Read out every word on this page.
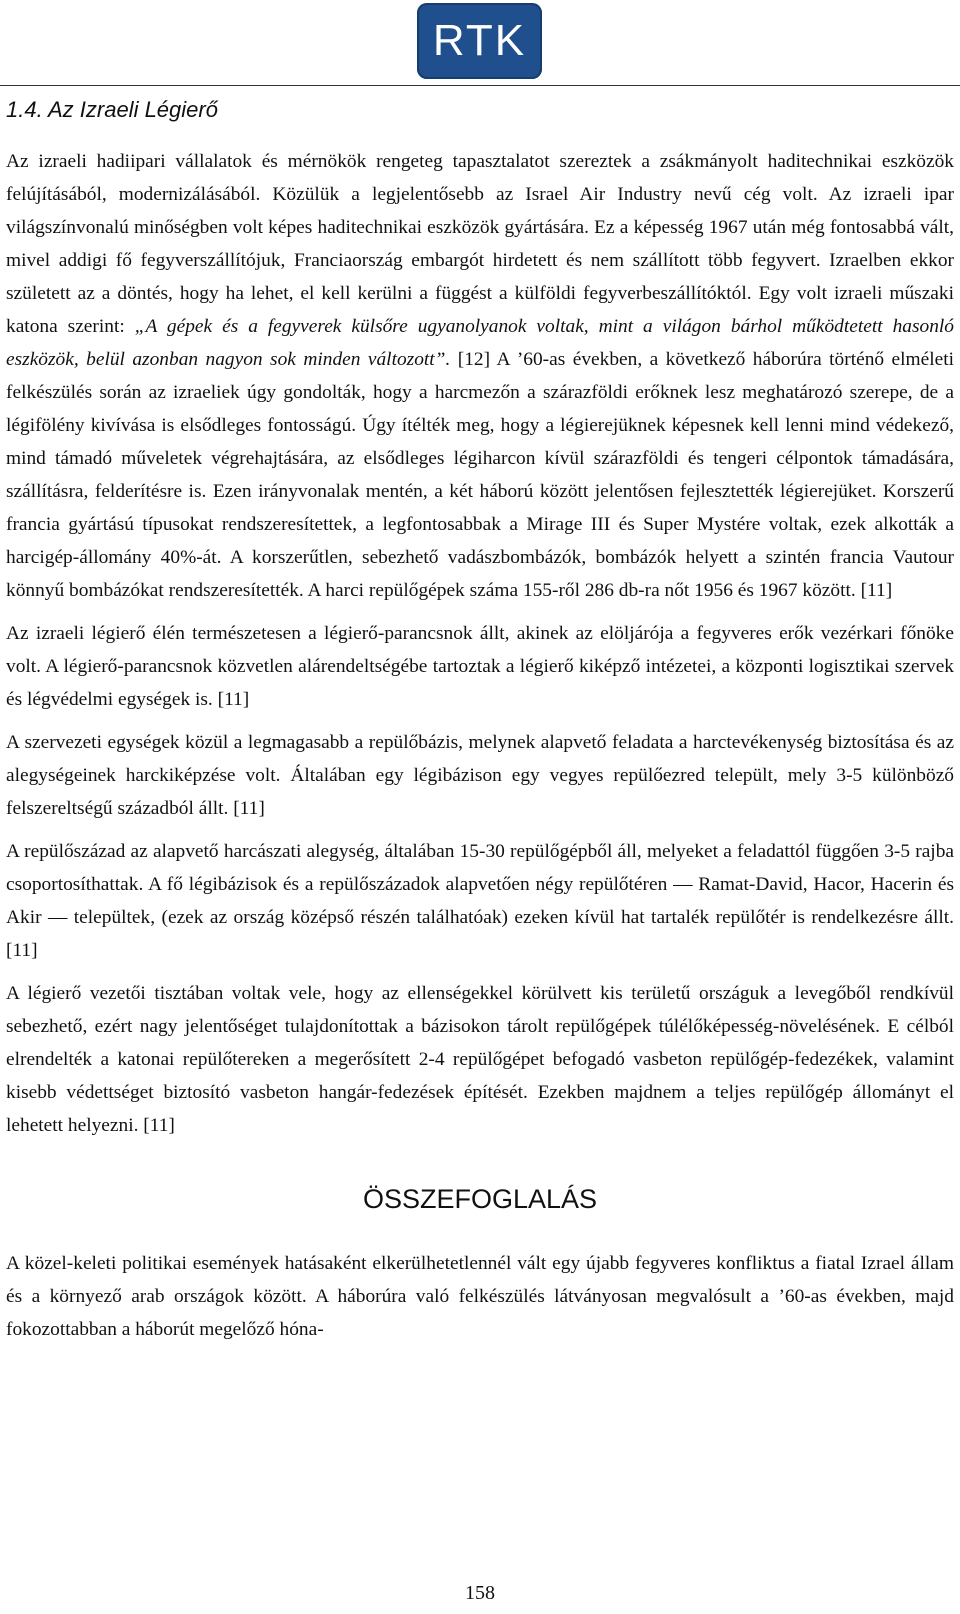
RTK
1.4. Az Izraeli Légierő

Az izraeli hadiipari vállalatok és mérnökök rengeteg tapasztalatot szereztek a zsákmányolt haditechnikai eszközök felújításából, modernizálásából. Közülük a legjelentősebb az Israel Air Industry nevű cég volt. Az izraeli ipar világszínvonalú minőségben volt képes haditechnikai eszközök gyártására. Ez a képesség 1967 után még fontosabbá vált, mivel addigi fő fegyverszállítójuk, Franciaország embargót hirdetett és nem szállított több fegyvert. Izraelben ekkor született az a döntés, hogy ha lehet, el kell kerülni a függést a külföldi fegyverbeszállítóktól. Egy volt izraeli műszaki katona szerint: „A gépek és a fegyverek külsőre ugyanolyanok voltak, mint a világon bárhol működtetett hasonló eszközök, belül azonban nagyon sok minden változott”. [12] A ’60-as években, a következő háborúra történő elméleti felkészülés során az izraeliek úgy gondolták, hogy a harcmezőn a szárazföldi erőknek lesz meghatározó szerepe, de a légifölény kivívása is elsődleges fontosságú. Úgy ítélték meg, hogy a légierejüknek képesnek kell lenni mind védekező, mind támadó műveletek végrehajtására, az elsődleges légiharcon kívül szárazföldi és tengeri célpontok támadására, szállításra, felderítésre is. Ezen irányvonalak mentén, a két háború között jelentősen fejlesztették légierejüket. Korszerű francia gyártású típusokat rendszeresítettek, a legfontosabbak a Mirage III és Super Mystére voltak, ezek alkották a harcigép-állomány 40%-át. A korszerűtlen, sebezhető vadászbombázók, bombázók helyett a szintén francia Vautour könnyű bombázókat rendszeresítették. A harci repülőgépek száma 155-ről 286 db-ra nőt 1956 és 1967 között. [11]

Az izraeli légierő élén természetesen a légierő-parancsnok állt, akinek az elöljárója a fegyveres erők vezérkari főnöke volt. A légierő-parancsnok közvetlen alárendeltségébe tartoztak a légierő kiképző intézetei, a központi logisztikai szervek és légvédelmi egységek is. [11]

A szervezeti egységek közül a legmagasabb a repülőbázis, melynek alapvető feladata a harctevékenység biztosítása és az alegységeinek harckiképzése volt. Általában egy légibázison egy vegyes repülőezred települt, mely 3-5 különböző felszereltségű századból állt. [11]

A repülőszázad az alapvető harcászati alegység, általában 15-30 repülőgépből áll, melyeket a feladattól függően 3-5 rajba csoportosíthattak. A fő légibázisok és a repülőszázadok alapvetően négy repülőtéren ― Ramat-David, Hacor, Hacerin és Akir ― települtek, (ezek az ország középső részén találhatóak) ezeken kívül hat tartalék repülőtér is rendelkezésre állt. [11]

A légierő vezetői tisztában voltak vele, hogy az ellenségekkel körülvett kis területű országuk a levegőből rendkívül sebezhető, ezért nagy jelentőséget tulajdonítottak a bázisokon tárolt repülőgépek túlélőképesség-növelésének. E célból elrendelték a katonai repülőtereken a megerősített 2-4 repülőgépet befogadó vasbeton repülőgép-fedezékek, valamint kisebb védettséget biztosító vasbeton hangár-fedezések építését. Ezekben majdnem a teljes repülőgép állományt el lehetett helyezni. [11]

ÖSSZEFOGLALÁS

A közel-keleti politikai események hatásaként elkerülhetetlennél vált egy újabb fegyveres konfliktus a fiatal Izrael állam és a környező arab országok között. A háborúra való felkészülés látványosan megvalósult a ’60-as években, majd fokozottabban a háborút megelőző hóna-

158
